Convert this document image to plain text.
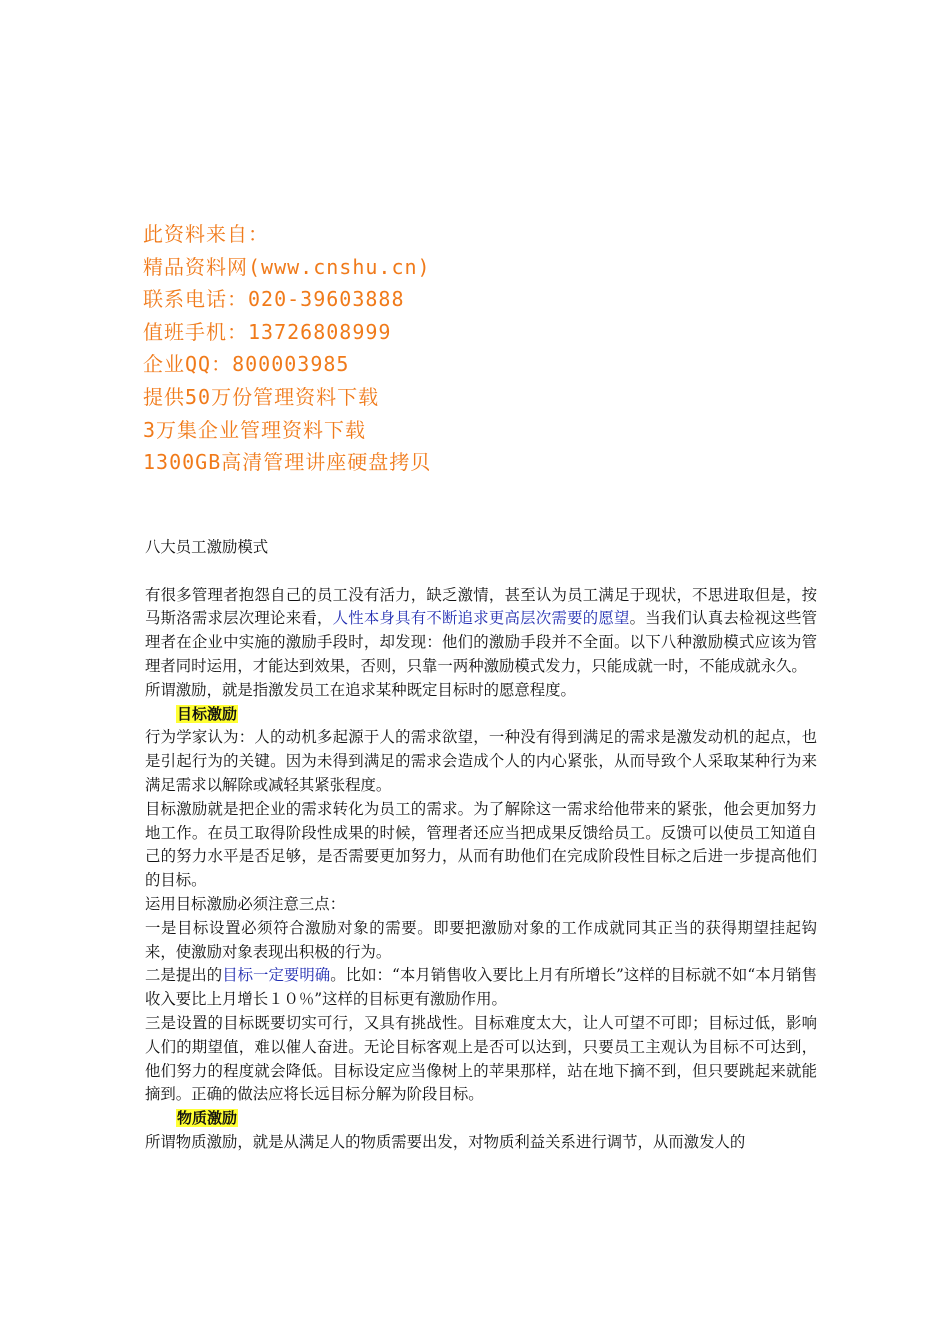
此资料来自：
精品资料网(www.cnshu.cn)
联系电话：020-39603888
值班手机：13726808999
企业QQ：800003985
提供50万份管理资料下载
3万集企业管理资料下载
1300GB高清管理讲座硬盘拷贝
八大员工激励模式
有很多管理者抱怨自己的员工没有活力，缺乏激情，甚至认为员工满足于现状，不思进取但是，按马斯洛需求层次理论来看，人性本身具有不断追求更高层次需要的愿望。当我们认真去检视这些管理者在企业中实施的激励手段时，却发现：他们的激励手段并不全面。以下八种激励模式应该为管理者同时运用，才能达到效果，否则，只靠一两种激励模式发力，只能成就一时，不能成就永久。
所谓激励，就是指激发员工在追求某种既定目标时的愿意程度。
目标激励
行为学家认为：人的动机多起源于人的需求欲望，一种没有得到满足的需求是激发动机的起点，也是引起行为的关键。因为未得到满足的需求会造成个人的内心紧张，从而导致个人采取某种行为来满足需求以解除或减轻其紧张程度。
目标激励就是把企业的需求转化为员工的需求。为了解除这一需求给他带来的紧张，他会更加努力地工作。在员工取得阶段性成果的时候，管理者还应当把成果反馈给员工。反馈可以使员工知道自己的努力水平是否足够，是否需要更加努力，从而有助他们在完成阶段性目标之后进一步提高他们的目标。
运用目标激励必须注意三点：
一是目标设置必须符合激励对象的需要。即要把激励对象的工作成就同其正当的获得期望挂起钩来，使激励对象表现出积极的行为。
二是提出的目标一定要明确。比如：“本月销售收入要比上月有所增长”这样的目标就不如“本月销售收入要比上月增长１０％”这样的目标更有激励作用。
三是设置的目标既要切实可行，又具有挑战性。目标难度太大，让人可望不可即；目标过低，影响人们的期望值，难以催人奋进。无论目标客观上是否可以达到，只要员工主观认为目标不可达到，他们努力的程度就会降低。目标设定应当像树上的苹果那样，站在地下摘不到，但只要跳起来就能摘到。正确的做法应将长远目标分解为阶段目标。
物质激励
所谓物质激励，就是从满足人的物质需要出发，对物质利益关系进行调节，从而激发人的
